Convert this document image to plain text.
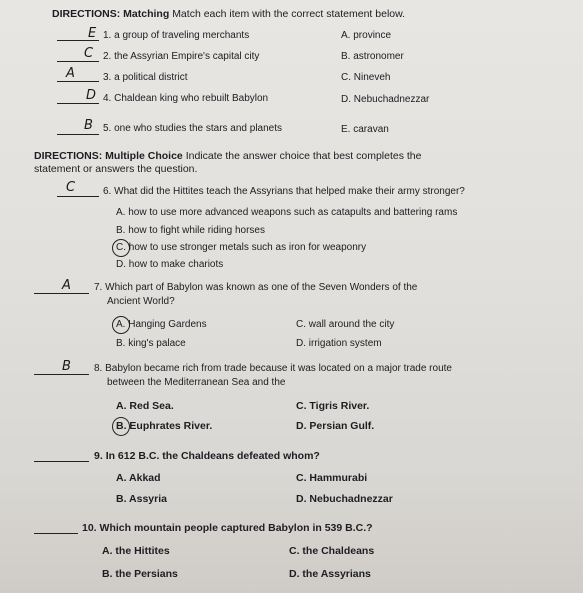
DIRECTIONS: Matching Match each item with the correct statement below.
E 1. a group of traveling merchants
C 2. the Assyrian Empire's capital city
A	3. a political district
D 4. Chaldean king who rebuilt Babylon
B 5. one who studies the stars and planets
A. province
B. astronomer
C. Nineveh
D. Nebuchadnezzar
E. caravan
DIRECTIONS: Multiple Choice Indicate the answer choice that best completes the
statement or answers the question.
C	6. What did the Hittites teach the Assyrians that helped make their army stronger?
A. how to use more advanced weapons such as catapults and battering rams
B. how to fight while riding horses
C. how to use stronger metals such as iron for weaponry
D. how to make chariots
A 7. Which part of Babylon was known as one of the Seven Wonders of the
Ancient World?
A. Hanging Gardens	C. wall around the city
B. king's palace	D. irrigation system
B 8. Babylon became rich from trade because it was located on a major trade route
between the Mediterranean Sea and the
A. Red Sea.	C. Tigris River.
B. Euphrates River.	D. Persian Gulf.
9. In 612 B.C. the Chaldeans defeated whom?
A. Akkad	C. Hammurabi
B. Assyria	D. Nebuchadnezzar
10. Which mountain people captured Babylon in 539 B.C.?
A. the Hittites	C. the Chaldeans
B. the Persians	D. the Assyrians
